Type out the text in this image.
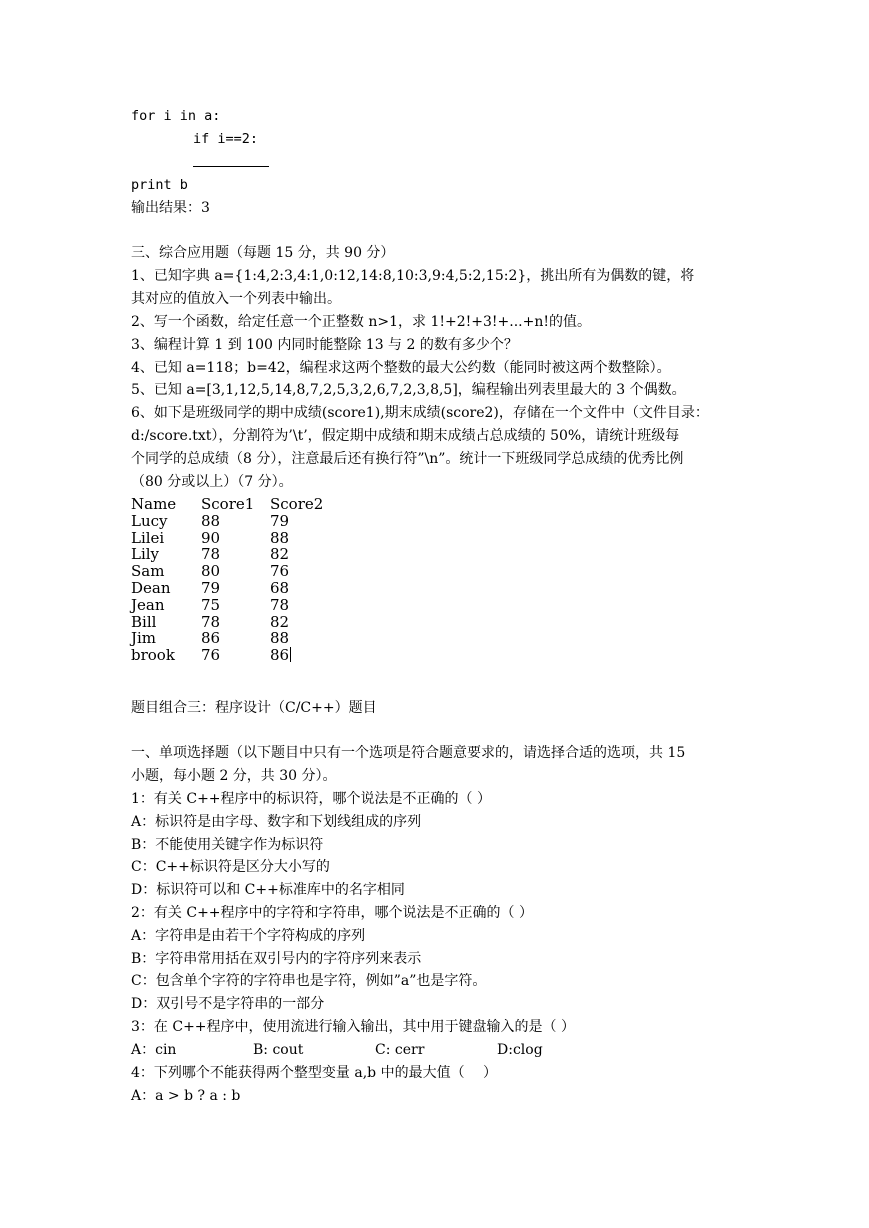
for i in a:
if i==2:
print b
输出结果：3
三、综合应用题（每题 15 分，共 90 分）
1、已知字典 a={1:4,2:3,4:1,0:12,14:8,10:3,9:4,5:2,15:2}，挑出所有为偶数的键，将
其对应的值放入一个列表中输出。
2、写一个函数，给定任意一个正整数 n>1，求 1!+2!+3!+...+n!的值。
3、编程计算 1 到 100 内同时能整除 13 与 2 的数有多少个？
4、已知 a=118；b=42，编程求这两个整数的最大公约数（能同时被这两个数整除）。
5、已知 a=[3,1,12,5,14,8,7,2,5,3,2,6,7,2,3,8,5]，编程输出列表里最大的 3 个偶数。
6、如下是班级同学的期中成绩(score1),期末成绩(score2)，存储在一个文件中（文件目录：
d:/score.txt），分割符为’\t’，假定期中成绩和期末成绩占总成绩的 50%，请统计班级每
个同学的总成绩（8 分），注意最后还有换行符”\n”。统计一下班级同学总成绩的优秀比例
（80 分或以上）（7 分）。
Name Score1 Score2
Lucy 88	79
Lilei 90	88
Lily	78	82
Sam 80	76
Dean 79	68
Jean 75	78
Bill	78	82
Jim	86	88
brook 76	86
题目组合三：程序设计（C/C++）题目
一、单项选择题（以下题目中只有一个选项是符合题意要求的，请选择合适的选项，共 15
小题，每小题 2 分，共 30 分）。
1：有关 C++程序中的标识符，哪个说法是不正确的（ ）
A：标识符是由字母、数字和下划线组成的序列
B：不能使用关键字作为标识符
C：C++标识符是区分大小写的
D：标识符可以和 C++标准库中的名字相同
2：有关 C++程序中的字符和字符串，哪个说法是不正确的（ ）
A：字符串是由若干个字符构成的序列
B：字符串常用括在双引号内的字符序列来表示
C：包含单个字符的字符串也是字符，例如”a”也是字符。
D：双引号不是字符串的一部分
3：在 C++程序中，使用流进行输入输出，其中用于键盘输入的是（ ）
A：cin	B: cout	C: cerr	D:clog
4：下列哪个不能获得两个整型变量 a,b 中的最大值（　 ）
A：a > b ? a : b
